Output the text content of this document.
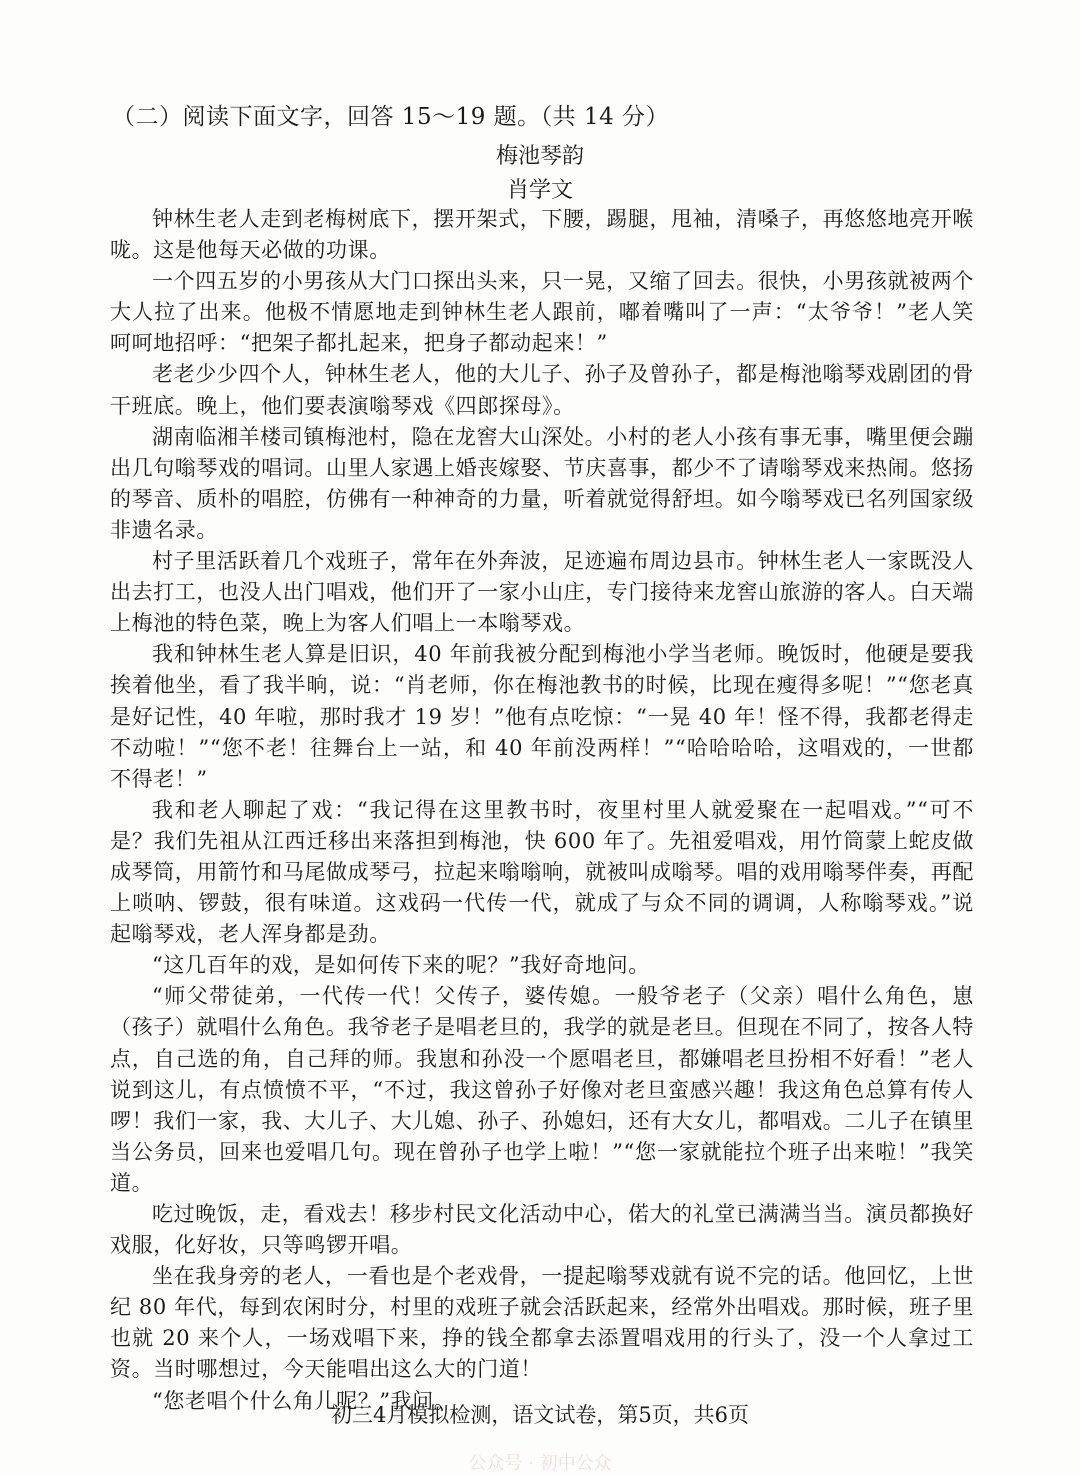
（二）阅读下面文字，回答 15～19 题。（共 14 分）
梅池琴韵
肖学文

钟林生老人走到老梅树底下，摆开架式，下腰，踢腿，甩袖，清嗓子，再悠悠地亮开喉咙。这是他每天必做的功课。

一个四五岁的小男孩从大门口探出头来，只一晃，又缩了回去。很快，小男孩就被两个大人拉了出来。他极不情愿地走到钟林生老人跟前，嘟着嘴叫了一声：“太爷爷！”老人笑呵呵地招呼：“把架子都扎起来，把身子都动起来！”

老老少少四个人，钟林生老人，他的大儿子、孙子及曾孙子，都是梅池嗡琴戏剧团的骨干班底。晚上，他们要表演嗡琴戏《四郎探母》。

湖南临湘羊楼司镇梅池村，隐在龙窖大山深处。小村的老人小孩有事无事，嘴里便会蹦出几句嗡琴戏的唱词。山里人家遇上婚丧嫁娶、节庆喜事，都少不了请嗡琴戏来热闹。悠扬的琴音、质朴的唱腔，仿佛有一种神奇的力量，听着就觉得舒坦。如今嗡琴戏已名列国家级非遗名录。

村子里活跃着几个戏班子，常年在外奔波，足迹遍布周边县市。钟林生老人一家既没人出去打工，也没人出门唱戏，他们开了一家小山庄，专门接待来龙窖山旅游的客人。白天端上梅池的特色菜，晚上为客人们唱上一本嗡琴戏。

我和钟林生老人算是旧识，40 年前我被分配到梅池小学当老师。晚饭时，他硬是要我挨着他坐，看了我半晌，说：“肖老师，你在梅池教书的时候，比现在瘦得多呢！”“您老真是好记性，40 年啦，那时我才 19 岁！”他有点吃惊：“一晃 40 年！怪不得，我都老得走不动啦！”“您不老！往舞台上一站，和 40 年前没两样！”“哈哈哈哈，这唱戏的，一世都不得老！”

我和老人聊起了戏：“我记得在这里教书时，夜里村里人就爱聚在一起唱戏。”“可不是？我们先祖从江西迁移出来落担到梅池，快 600 年了。先祖爱唱戏，用竹筒蒙上蛇皮做成琴筒，用箭竹和马尾做成琴弓，拉起来嗡嗡响，就被叫成嗡琴。唱的戏用嗡琴伴奏，再配上唢呐、锣鼓，很有味道。这戏码一代传一代，就成了与众不同的调调，人称嗡琴戏。”说起嗡琴戏，老人浑身都是劲。

“这几百年的戏，是如何传下来的呢？”我好奇地问。

“师父带徒弟，一代传一代！父传子，婆传媳。一般爷老子（父亲）唱什么角色，崽（孩子）就唱什么角色。我爷老子是唱老旦的，我学的就是老旦。但现在不同了，按各人特点，自己选的角，自己拜的师。我崽和孙没一个愿唱老旦，都嫌唱老旦扮相不好看！”老人说到这儿，有点愤愤不平，“不过，我这曾孙子好像对老旦蛮感兴趣！我这角色总算有传人啰！我们一家，我、大儿子、大儿媳、孙子、孙媳妇，还有大女儿，都唱戏。二儿子在镇里当公务员，回来也爱唱几句。现在曾孙子也学上啦！”“您一家就能拉个班子出来啦！”我笑道。

吃过晚饭，走，看戏去！移步村民文化活动中心，偌大的礼堂已满满当当。演员都换好戏服，化好妆，只等鸣锣开唱。

坐在我身旁的老人，一看也是个老戏骨，一提起嗡琴戏就有说不完的话。他回忆，上世纪 80 年代，每到农闲时分，村里的戏班子就会活跃起来，经常外出唱戏。那时候，班子里也就 20 来个人，一场戏唱下来，挣的钱全都拿去添置唱戏用的行头了，没一个人拿过工资。当时哪想过，今天能唱出这么大的门道！

“您老唱个什么角儿呢？”我问。

初三4月模拟检测，语文试卷，第5页，共6页
公众号 · 初中公众
